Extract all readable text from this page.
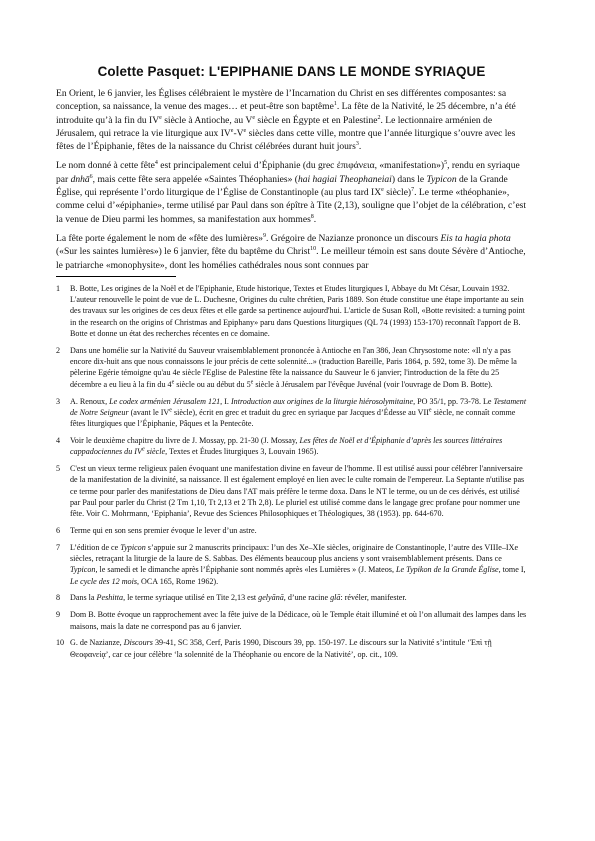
Colette Pasquet: L'EPIPHANIE DANS LE MONDE SYRIAQUE

En Orient, le 6 janvier, les Églises célébraient le mystère de l’Incarnation du Christ en ses différentes composantes: sa conception, sa naissance, la venue des mages… et peut-être son baptême$^1$. La fête de la Nativité, le 25 décembre, n’a été introduite qu’à la fin du IVe siècle à Antioche, au Ve siècle en Égypte et en Palestine$^2$. Le lectionnaire arménien de Jérusalem, qui retrace la vie liturgique aux IVe-Ve siècles dans cette ville, montre que l’année liturgique s’ouvre avec les fêtes de l’Épiphanie, fêtes de la naissance du Christ célébrées durant huit jours$^3$.

Le nom donné à cette fête$^4$ est principalement celui d’Épiphanie (du grec ἐπιφάνεια, «manifestation»)$^5$, rendu en syriaque par dnhā$^6$, mais cette fête sera appelée «Saintes Théophanies» (hai hagiai Theophaneiai) dans le Typicon de la Grande Église, qui représente l’ordo liturgique de l’Église de Constantinople (au plus tard IXe siècle)$^7$. Le terme «théophanie», comme celui d’«épiphanie», terme utilisé par Paul dans son épître à Tite (2,13), souligne que l’objet de la célébration, c’est la venue de Dieu parmi les hommes, sa manifestation aux hommes$^8$.

La fête porte également le nom de «fête des lumières»$^9$. Grégoire de Nazianze prononce un discours Eis ta hagia phota («Sur les saintes lumières») le 6 janvier, fête du baptême du Christ$^{10}$. Le meilleur témoin est sans doute Sévère d’Antioche, le patriarche «monophysite», dont les homélies cathédrales nous sont connues par

1	B. Botte, Les origines de la Noël et de l'Epiphanie, Etude historique, Textes et Etudes liturgiques I, Abbaye du Mt César, Louvain 1932. L'auteur renouvelle le point de vue de L. Duchesne, Origines du culte chrétien, Paris 1889. Son étude constitue une étape importante au sein des travaux sur les origines de ces deux fêtes et elle garde sa pertinence aujourd'hui. L'article de Susan Roll, «Botte revisited: a turning point in the research on the origins of Christmas and Epiphany» paru dans Questions liturgiques (QL 74 (1993) 153-170) reconnaît l'apport de B. Botte et donne un état des recherches récentes en ce domaine.
2	Dans une homélie sur la Nativité du Sauveur vraisemblablement prononcée à Antioche en l'an 386, Jean Chrysostome note: «Il n'y a pas encore dix-huit ans que nous connaissons le jour précis de cette solennité...» (traduction Bareille, Paris 1864, p. 592, tome 3). De même la pèlerine Egérie témoigne qu'au 4e siècle l'Eglise de Palestine fête la naissance du Sauveur le 6 janvier; l'introduction de la fête du 25 décembre a eu lieu à la fin du 4e siècle ou au début du 5e siècle à Jérusalem par l'évêque Juvénal (voir l'ouvrage de Dom B. Botte).
3	A. Renoux, Le codex arménien Jérusalem 121, I. Introduction aux origines de la liturgie hiérosolymitaine, PO 35/1, pp. 73-78. Le Testament de Notre Seigneur (avant le IVe siècle), écrit en grec et traduit du grec en syriaque par Jacques d’Édesse au VIIe siècle, ne connaît comme fêtes liturgiques que l’Épiphanie, Pâques et la Pentecôte.
4	Voir le deuxième chapitre du livre de J. Mossay, pp. 21-30 (J. Mossay, Les fêtes de Noël et d’Épiphanie d’après les sources littéraires cappadociennes du IVe siècle, Textes et Études liturgiques 3, Louvain 1965).
5	C'est un vieux terme religieux païen évoquant une manifestation divine en faveur de l'homme. Il est utilisé aussi pour célébrer l'anniversaire de la manifestation de la divinité, sa naissance. Il est également employé en lien avec le culte romain de l'empereur. La Septante n'utilise pas ce terme pour parler des manifestations de Dieu dans l'AT mais préfère le terme doxa. Dans le NT le terme, ou un de ces dérivés, est utilisé par Paul pour parler du Christ (2 Tm 1,10, Tt 2,13 et 2 Th 2,8). Le pluriel est utilisé comme dans le langage grec profane pour nommer une fête. Voir C. Mohrmann, ‘Epiphania’, Revue des Sciences Philosophiques et Théologiques, 38 (1953). pp. 644-670.
6	Terme qui en son sens premier évoque le lever d’un astre.
7	L’édition de ce Typicon s’appuie sur 2 manuscrits principaux: l’un des Xe–XIe siècles, originaire de Constantinople, l’autre des VIIIe–IXe siècles, retraçant la liturgie de la laure de S. Sabbas. Des éléments beaucoup plus anciens y sont vraisemblablement présents. Dans ce Typicon, le samedi et le dimanche après l’Épiphanie sont nommés après «les Lumières » (J. Mateos, Le Typikon de la Grande Église, tome I, Le cycle des 12 mois, OCA 165, Rome 1962).
8	Dans la Peshitta, le terme syriaque utilisé en Tite 2,13 est gelyānā, d’une racine glā: révéler, manifester.
9	Dom B. Botte évoque un rapprochement avec la fête juive de la Dédicace, où le Temple était illuminé et où l’on allumait des lampes dans les maisons, mais la date ne correspond pas au 6 janvier.
10 G. de Nazianze, Discours 39-41, SC 358, Cerf, Paris 1990, Discours 39, pp. 150-197. Le discours sur la Nativité s’intitule ‘Ἐπὶ τῇ Θεοφανείᾳ’, car ce jour célèbre ‘la solennité de la Théophanie ou encore de la Nativité’, op. cit., 109.
